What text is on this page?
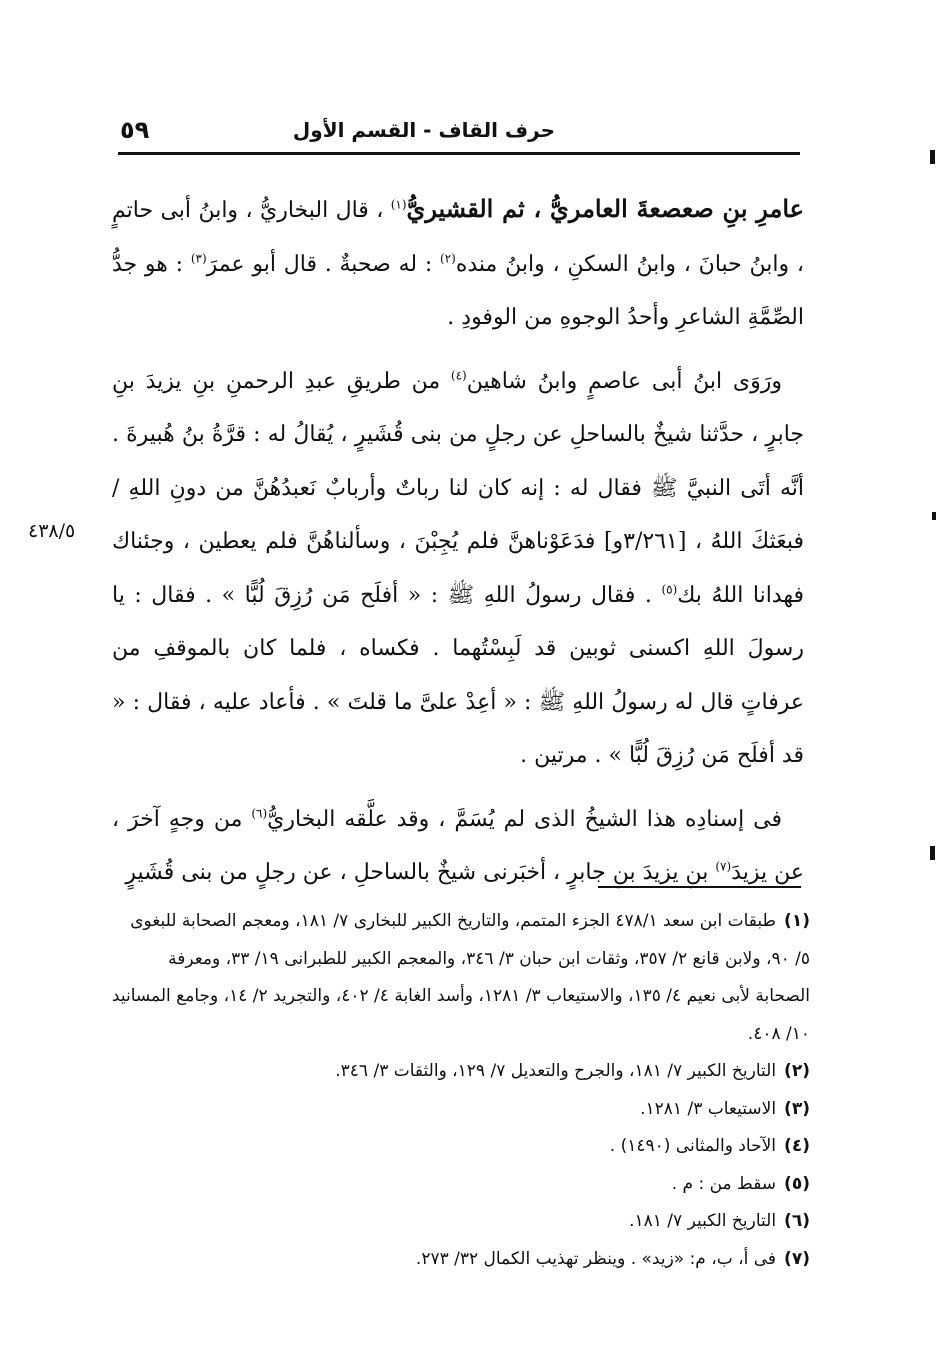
٥٩	حرف القاف - القسم الأول
٤٣٨/٥

عامرِ بنِ صعصعةَ العامريُّ ، ثم القشيريُّ$^{(١)}$ ، قال البخاريُّ ، وابنُ أبى حاتمٍ ، وابنُ حبانَ ، وابنُ السكنِ ، وابنُ منده$^{(٢)}$ : له صحبةٌ . قال أبو عمرَ$^{(٣)}$ : هو جدُّ الصِّمَّةِ الشاعرِ وأحدُ الوجوهِ من الوفودِ .

ورَوَى ابنُ أبى عاصمٍ وابنُ شاهين$^{(٤)}$ من طريقِ عبدِ الرحمنِ بنِ يزيدَ بنِ جابرٍ ، حدَّثنا شيخٌ بالساحلِ عن رجلٍ من بنى قُشَيرٍ ، يُقالُ له : قرَّةُ بنُ هُبيرةَ . أنَّه أتَى النبيَّ ﷺ فقال له : إنه كان لنا رباتٌ وأربابٌ نَعبدُهُنَّ من دونِ اللهِ /فبعَثكَ اللهُ ، [٣/٢٦١و] فدَعَوْناهنَّ فلم يُجِبْنَ ، وسألناهُنَّ فلم يعطين ، وجئناك فهدانا اللهُ بك$^{(٥)}$ . فقال رسولُ اللهِ ﷺ : « أفلَح مَن رُزِقَ لُبًّا » . فقال : يا رسولَ اللهِ اكسنى ثوبين قد لَبِسْتُهما . فكساه ، فلما كان بالموقفِ من عرفاتٍ قال له رسولُ اللهِ ﷺ : « أعِدْ علىَّ ما قلتَ » . فأعاد عليه ، فقال : « قد أفلَح مَن رُزِقَ لُبًّا » . مرتين .

فى إسنادِه هذا الشيخُ الذى لم يُسَمَّ ، وقد علَّقه البخاريُّ$^{(٦)}$ من وجهٍ آخرَ ، عن يزيدَ$^{(٧)}$ بنِ يزيدَ بنِ جابرٍ ، أخبَرنى شيخٌ بالساحلِ ، عن رجلٍ من بنى قُشَيرٍ

(١)طبقات ابن سعد ٤٧٨/١ الجزء المتمم، والتاريخ الكبير للبخارى ٧/ ١٨١، ومعجم الصحابة للبغوى ٥/ ٩٠، ولابن قانع ٢/ ٣٥٧، وثقات ابن حبان ٣/ ٣٤٦، والمعجم الكبير للطبرانى ١٩/ ٣٣، ومعرفة الصحابة لأبى نعيم ٤/ ١٣٥، والاستيعاب ٣/ ١٢٨١، وأسد الغابة ٤/ ٤٠٢، والتجريد ٢/ ١٤، وجامع المسانيد ١٠/ ٤٠٨.

(٢)التاريخ الكبير ٧/ ١٨١، والجرح والتعديل ٧/ ١٢٩، والثقات ٣/ ٣٤٦.

(٣)الاستيعاب ٣/ ١٢٨١.

(٤)الآحاد والمثانى (١٤٩٠) .

(٥)سقط من : م .

(٦)التاريخ الكبير ٧/ ١٨١.

(٧)فى أ، ب، م: «زيد» . وينظر تهذيب الكمال ٣٢/ ٢٧٣.
